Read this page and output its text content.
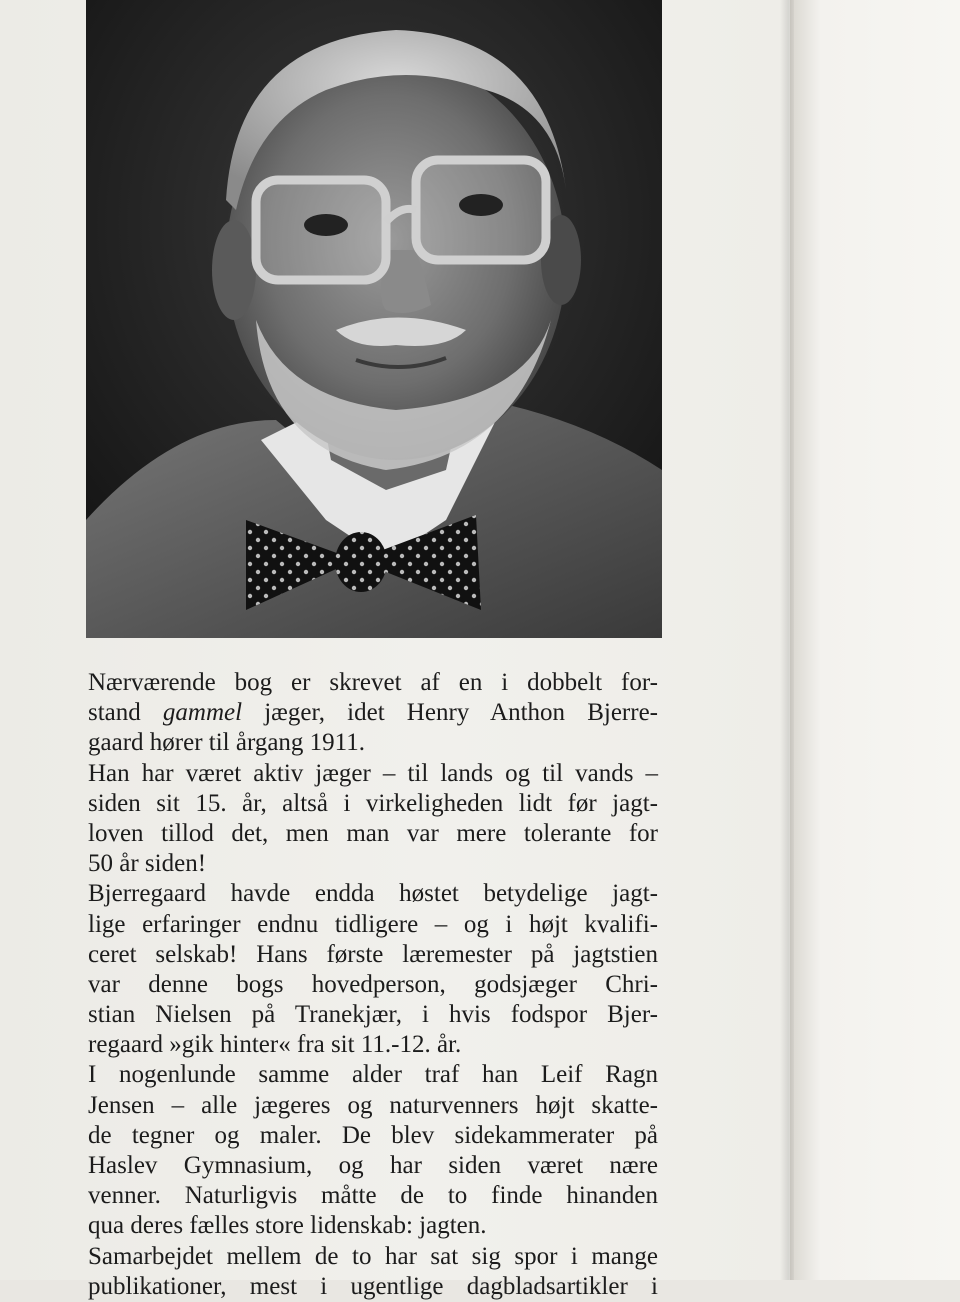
Nærværende bog er skrevet af en i dobbelt for-
stand gammel jæger, idet Henry Anthon Bjerre-
gaard hører til årgang 1911.
Han har været aktiv jæger – til lands og til vands –
siden sit 15. år, altså i virkeligheden lidt før jagt-
loven tillod det, men man var mere tolerante for
50 år siden!
Bjerregaard havde endda høstet betydelige jagt-
lige erfaringer endnu tidligere – og i højt kvalifi-
ceret selskab! Hans første læremester på jagtstien
var denne bogs hovedperson, godsjæger Chri-
stian Nielsen på Tranekjær, i hvis fodspor Bjer-
regaard »gik hinter« fra sit 11.-12. år.
I nogenlunde samme alder traf han Leif Ragn
Jensen – alle jægeres og naturvenners højt skatte-
de tegner og maler. De blev sidekammerater på
Haslev Gymnasium, og har siden været nære
venner. Naturligvis måtte de to finde hinanden
qua deres fælles store lidenskab: jagten.
Samarbejdet mellem de to har sat sig spor i mange
publikationer, mest i ugentlige dagbladsartikler i
